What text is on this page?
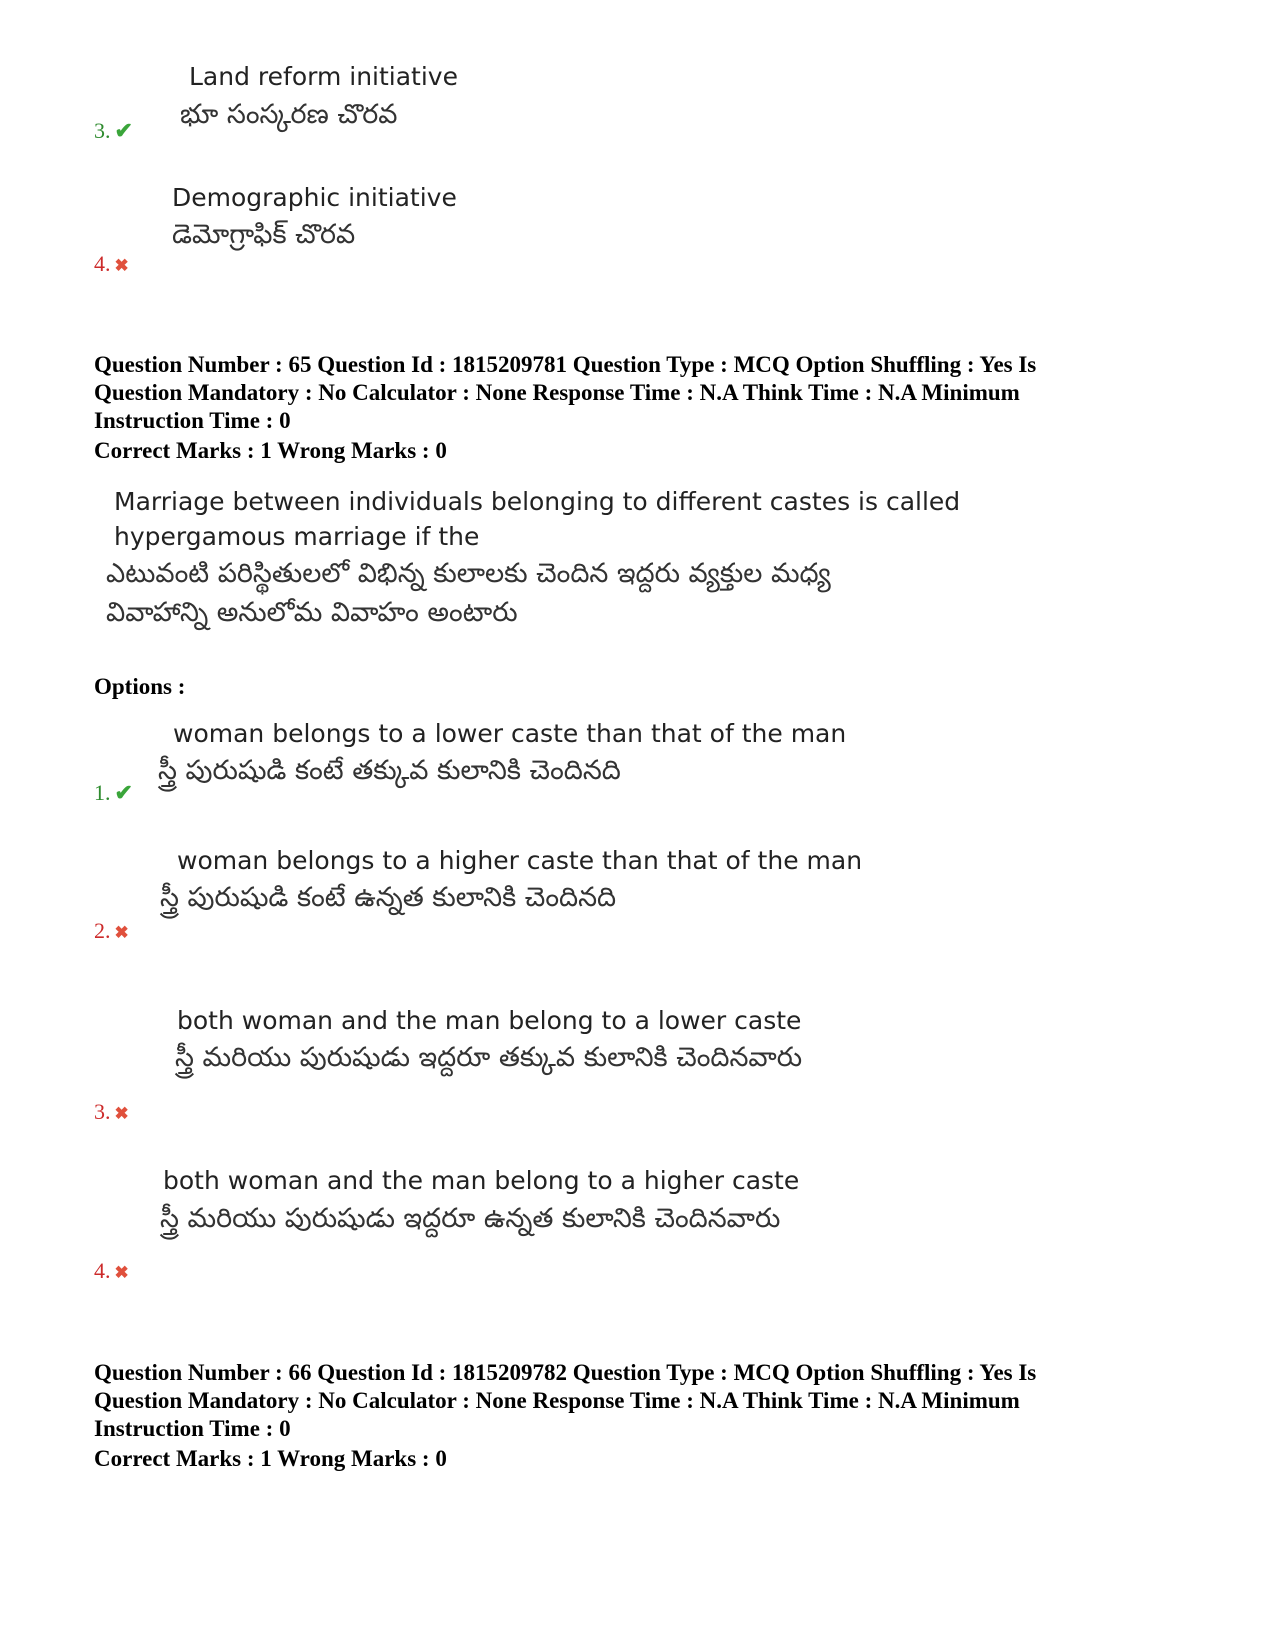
Land reform initiative
భూ సంస్కరణ చొరవ
3. ✔
Demographic initiative
డెమోగ్రాఫిక్ చొరవ
4. ✖
Question Number : 65 Question Id : 1815209781 Question Type : MCQ Option Shuffling : Yes Is
Question Mandatory : No Calculator : None Response Time : N.A Think Time : N.A Minimum
Instruction Time : 0
Correct Marks : 1 Wrong Marks : 0
Marriage between individuals belonging to different castes is called
hypergamous marriage if the
ఎటువంటి పరిస్థితులలో విభిన్న కులాలకు చెందిన ఇద్దరు వ్యక్తుల మధ్య
వివాహాన్ని అనులోమ వివాహం అంటారు
Options :
woman belongs to a lower caste than that of the man
స్త్రీ పురుషుడి కంటే తక్కువ కులానికి చెందినది
1. ✔
woman belongs to a higher caste than that of the man
స్త్రీ పురుషుడి కంటే ఉన్నత కులానికి చెందినది
2. ✖
both woman and the man belong to a lower caste
స్త్రీ మరియు పురుషుడు ఇద్దరూ తక్కువ కులానికి చెందినవారు
3. ✖
both woman and the man belong to a higher caste
స్త్రీ మరియు పురుషుడు ఇద్దరూ ఉన్నత కులానికి చెందినవారు
4. ✖
Question Number : 66 Question Id : 1815209782 Question Type : MCQ Option Shuffling : Yes Is
Question Mandatory : No Calculator : None Response Time : N.A Think Time : N.A Minimum
Instruction Time : 0
Correct Marks : 1 Wrong Marks : 0
